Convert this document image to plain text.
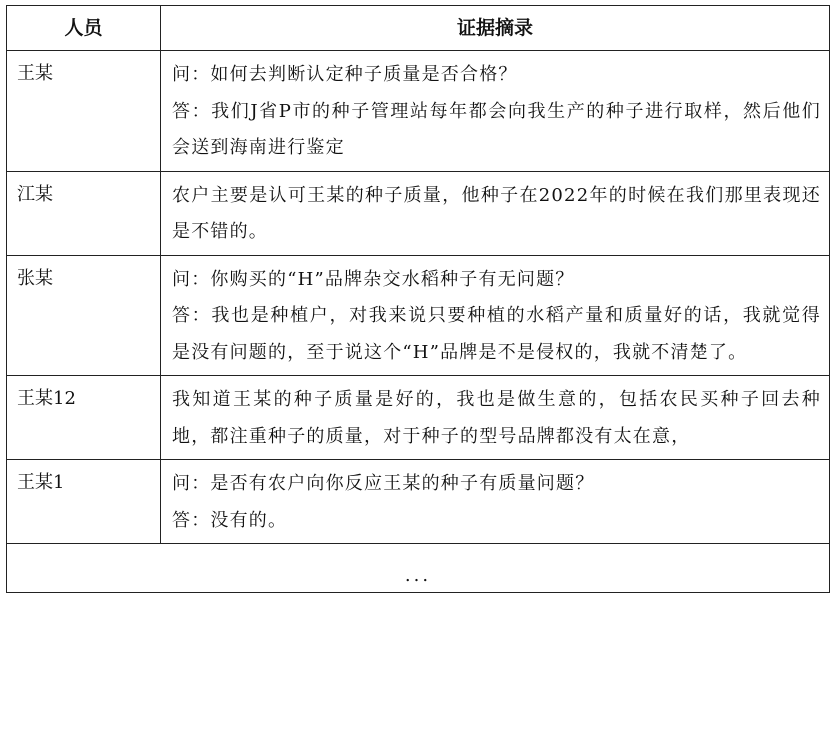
人员	证据摘录
王某	问：如何去判断认定种子质量是否合格？
答：我们J省P市的种子管理站每年都会向我生产的种子进行取样，然后他们会送到海南进行鉴定

江某	农户主要是认可王某的种子质量，他种子在2022年的时候在我们那里表现还是不错的。

张某	问：你购买的“H”品牌杂交水稻种子有无问题？
答：我也是种植户，对我来说只要种植的水稻产量和质量好的话，我就觉得是没有问题的，至于说这个“H”品牌是不是侵权的，我就不清楚了。

王某12	我知道王某的种子质量是好的，我也是做生意的，包括农民买种子回去种地，都注重种子的质量，对于种子的型号品牌都没有太在意，

王某1	问：是否有农户向你反应王某的种子有质量问题？
答：没有的。

...	
